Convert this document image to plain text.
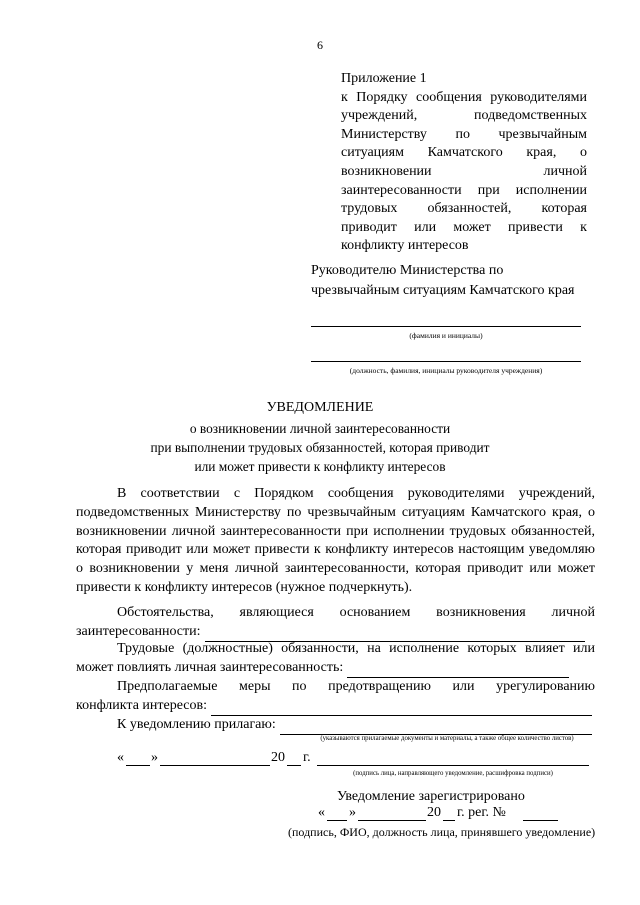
6
Приложение 1
к Порядку сообщения руководителями учреждений, подведомственных Министерству по чрезвычайным ситуациям Камчатского края, о возникновении личной заинтересованности при исполнении трудовых обязанностей, которая приводит или может привести к конфликту интересов
Руководителю Министерства по чрезвычайным ситуациям Камчатского края
(фамилия и инициалы)
(должность, фамилия, инициалы руководителя учреждения)
УВЕДОМЛЕНИЕ
о возникновении личной заинтересованности
при выполнении трудовых обязанностей, которая приводит
или может привести к конфликту интересов
В соответствии с Порядком сообщения руководителями учреждений, подведомственных Министерству по чрезвычайным ситуациям Камчатского края, о возникновении личной заинтересованности при исполнении трудовых обязанностей, которая приводит или может привести к конфликту интересов настоящим уведомляю о возникновении у меня личной заинтересованности, которая приводит или может привести к конфликту интересов (нужное подчеркнуть).
Обстоятельства, являющиеся основанием возникновения личной
заинтересованности:
Трудовые (должностные) обязанности, на исполнение которых влияет или
может повлиять личная заинтересованность:
Предполагаемые меры по предотвращению или урегулированию
конфликта интересов:
К уведомлению прилагаю:
(указываются прилагаемые документы и материалы, а также общее количество листов)
« »	20 г.
(подпись лица, направляющего уведомление, расшифровка подписи)
Уведомление зарегистрировано
« »	20 г. рег. №
(подпись, ФИО, должность лица, принявшего уведомление)
